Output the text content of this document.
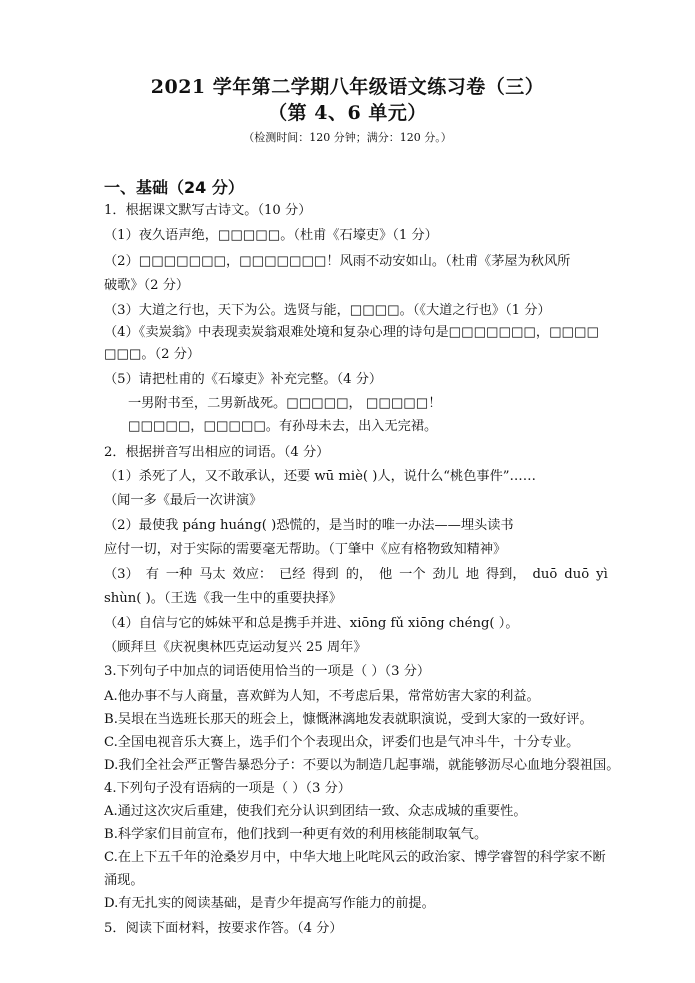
2021 学年第二学期八年级语文练习卷（三）
（第 4、6 单元）
（检测时间：120 分钟；满分：120 分。）
一、基础（24 分）
1．根据课文默写古诗文。（10 分）
（1）夜久语声绝，□□□□□。（杜甫《石壕吏》（1 分）
（2）□□□□□□□，□□□□□□□！风雨不动安如山。（杜甫《茅屋为秋风所
破歌》（2 分）
（3）大道之行也，天下为公。选贤与能，□□□□。（《大道之行也》（1 分）
（4）《卖炭翁》中表现卖炭翁艰难处境和复杂心理的诗句是□□□□□□□，□□□□
□□□。（2 分）
（5）请把杜甫的《石壕吏》补充完整。（4 分）
一男附书至，二男新战死。□□□□□， □□□□□！
□□□□□，□□□□□。有孙母未去，出入无完裙。
2．根据拼音写出相应的词语。（4 分）
（1）杀死了人，又不敢承认，还要 wū miè( )人，说什么“桃色事件”……
（闻一多《最后一次讲演》
（2）最使我 páng huáng( )恐慌的，是当时的唯一办法——埋头读书
应付一切，对于实际的需要毫无帮助。（丁肇中《应有格物致知精神》
（3） 有 一种 马太 效应： 已经 得到 的， 他 一个 劲儿 地 得到， duō duō yì
shùn( )。（王选《我一生中的重要抉择》
（4）自信与它的姊妹平和总是携手并进、xiōng fǔ xiōng chéng( ）。
（顾拜旦《庆祝奥林匹克运动复兴 25 周年》
3.下列句子中加点的词语使用恰当的一项是（ ）（3 分）
A.他办事不与人商量，喜欢鲜为人知，不考虑后果，常常妨害大家的利益。
B.吴垠在当选班长那天的班会上，慷慨淋漓地发表就职演说，受到大家的一致好评。
C.全国电视音乐大赛上，选手们个个表现出众，评委们也是气冲斗牛，十分专业。
D.我们全社会严正警告暴恐分子：不要以为制造几起事端，就能够沥尽心血地分裂祖国。
4.下列句子没有语病的一项是（ ）（3 分）
A.通过这次灾后重建，使我们充分认识到团结一致、众志成城的重要性。
B.科学家们目前宣布，他们找到一种更有效的利用核能制取氧气。
C.在上下五千年的沧桑岁月中，中华大地上叱咤风云的政治家、博学睿智的科学家不断
涌现。
D.有无扎实的阅读基础，是青少年提高写作能力的前提。
5．阅读下面材料，按要求作答。（4 分）
